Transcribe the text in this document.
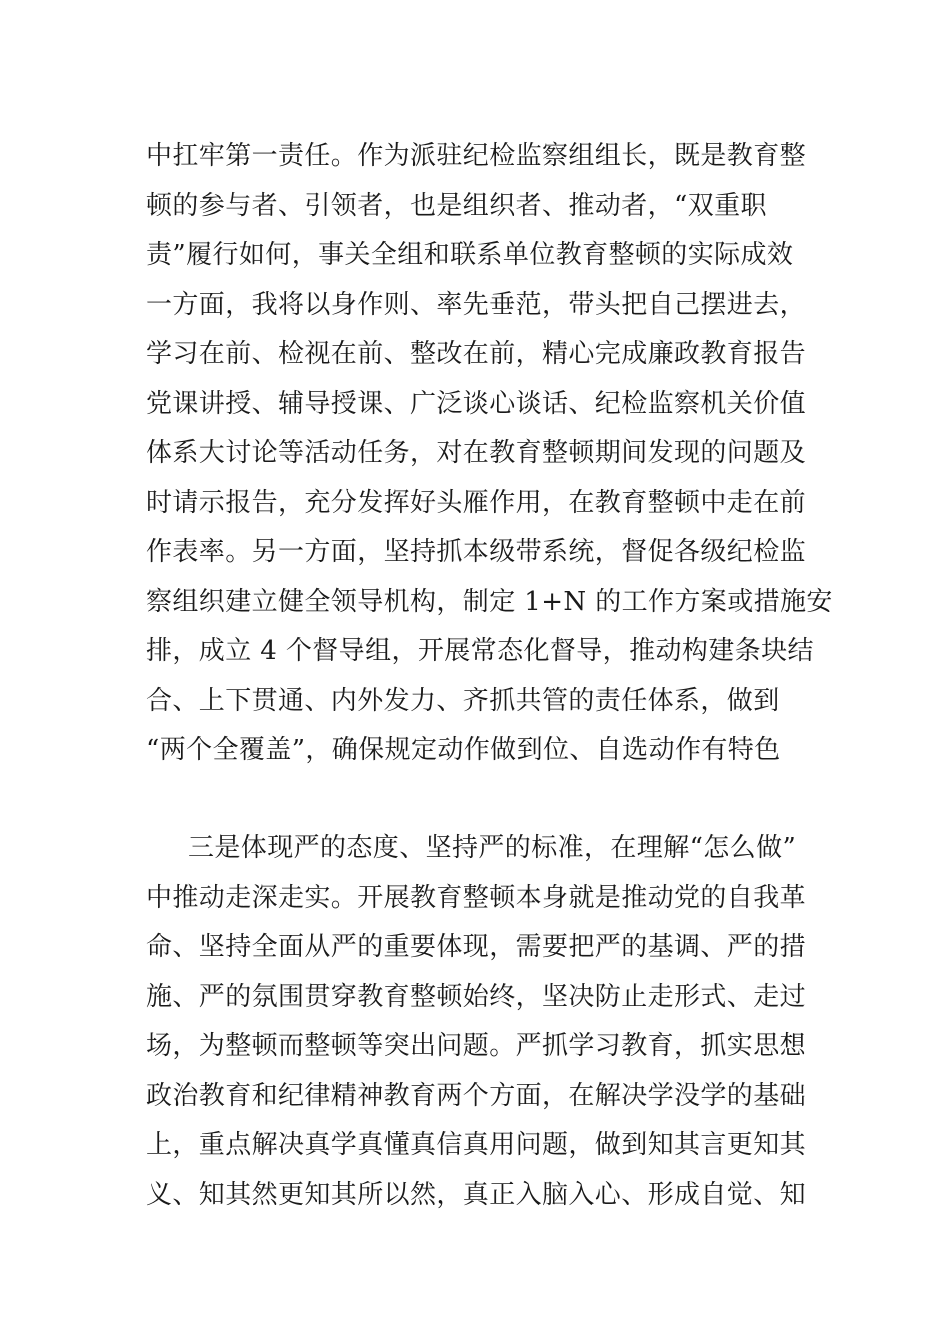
中扛牢第一责任。作为派驻纪检监察组组长，既是教育整
顿的参与者、引领者，也是组织者、推动者，“双重职
责”履行如何，事关全组和联系单位教育整顿的实际成效
一方面，我将以身作则、率先垂范，带头把自己摆进去，
学习在前、检视在前、整改在前，精心完成廉政教育报告
党课讲授、辅导授课、广泛谈心谈话、纪检监察机关价值
体系大讨论等活动任务，对在教育整顿期间发现的问题及
时请示报告，充分发挥好头雁作用，在教育整顿中走在前
作表率。另一方面，坚持抓本级带系统，督促各级纪检监
察组织建立健全领导机构，制定 1+N 的工作方案或措施安
排，成立 4 个督导组，开展常态化督导，推动构建条块结
合、上下贯通、内外发力、齐抓共管的责任体系，做到
“两个全覆盖”，确保规定动作做到位、自选动作有特色
三是体现严的态度、坚持严的标准，在理解“怎么做”
中推动走深走实。开展教育整顿本身就是推动党的自我革
命、坚持全面从严的重要体现，需要把严的基调、严的措
施、严的氛围贯穿教育整顿始终，坚决防止走形式、走过
场，为整顿而整顿等突出问题。严抓学习教育，抓实思想
政治教育和纪律精神教育两个方面，在解决学没学的基础
上，重点解决真学真懂真信真用问题，做到知其言更知其
义、知其然更知其所以然，真正入脑入心、形成自觉、知
